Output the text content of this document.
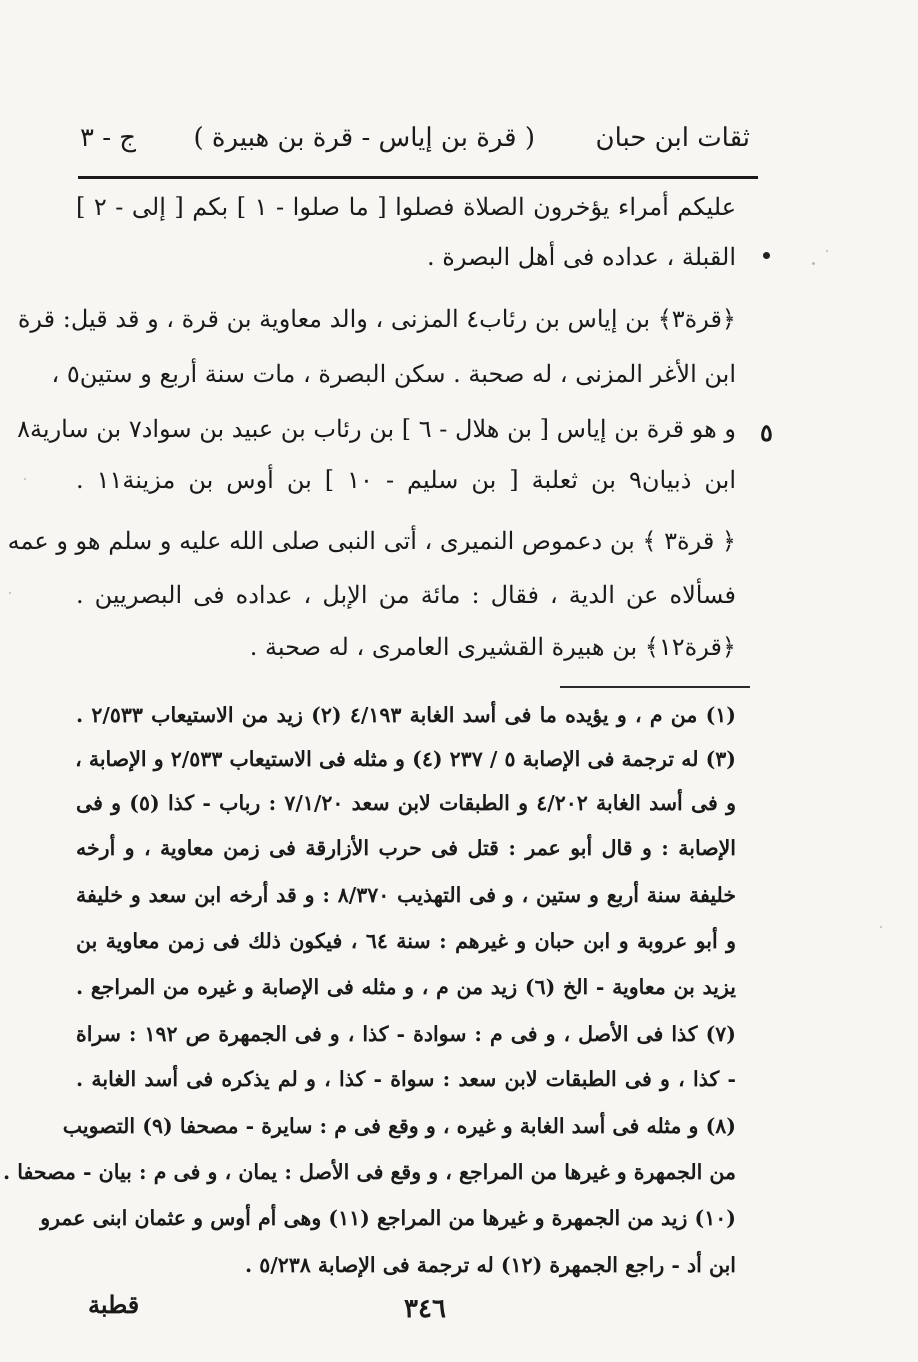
ثقات ابن حبان
( قرة بن إياس - قرة بن هبيرة )
ج - ٣
عليكم أمراء يؤخرون الصلاة فصلوا [ ما صلوا - ١ ] بكم [ إلى - ٢ ]
القبلة ، عداده فى أهل البصرة .
﴿قرة٣﴾ بن إياس بن رئاب٤ المزنى ، والد معاوية بن قرة ، و قد قيل: قرة
ابن الأغر المزنى ، له صحبة . سكن البصرة ، مات سنة أربع و ستين٥ ،
و هو قرة بن إياس [ بن هلال - ٦ ] بن رئاب بن عبيد بن سواد٧ بن سارية٨ ٥
ابن ذبيان٩ بن ثعلبة [ بن سليم - ١٠ ] بن أوس بن مزينة١١ .
﴿ قرة٣ ﴾ بن دعموص النميرى ، أتى النبى صلى الله عليه و سلم هو و عمه
فسألاه عن الدية ، فقال : مائة من الإبل ، عداده فى البصريين .
﴿قرة١٢﴾ بن هبيرة القشيرى العامرى ، له صحبة .
(١) من م ، و يؤيده ما فى أسد الغابة ٤/١٩٣ (٢) زيد من الاستيعاب ٢/٥٣٣ .
(٣) له ترجمة فى الإصابة ٥ / ٢٣٧ (٤) و مثله فى الاستيعاب ٢/٥٣٣ و الإصابة ،
و فى أسد الغابة ٤/٢٠٢ و الطبقات لابن سعد ٧/١/٢٠ : رباب - كذا (٥) و فى
الإصابة : و قال أبو عمر : قتل فى حرب الأزارقة فى زمن معاوية ، و أرخه
خليفة سنة أربع و ستين ، و فى التهذيب ٨/٣٧٠ : و قد أرخه ابن سعد و خليفة
و أبو عروبة و ابن حبان و غيرهم : سنة ٦٤ ، فيكون ذلك فى زمن معاوية بن
يزيد بن معاوية - الخ (٦) زيد من م ، و مثله فى الإصابة و غيره من المراجع .
(٧) كذا فى الأصل ، و فى م : سوادة - كذا ، و فى الجمهرة ص ١٩٢ : سراة
- كذا ، و فى الطبقات لابن سعد : سواة - كذا ، و لم يذكره فى أسد الغابة .
(٨) و مثله فى أسد الغابة و غيره ، و وقع فى م : سايرة - مصحفا (٩) التصويب
من الجمهرة و غيرها من المراجع ، و وقع فى الأصل : يمان ، و فى م : بيان - مصحفا .
(١٠) زيد من الجمهرة و غيرها من المراجع (١١) وهى أم أوس و عثمان ابنى عمرو
ابن أد - راجع الجمهرة (١٢) له ترجمة فى الإصابة ٥/٢٣٨ .
٣٤٦
قطبة
